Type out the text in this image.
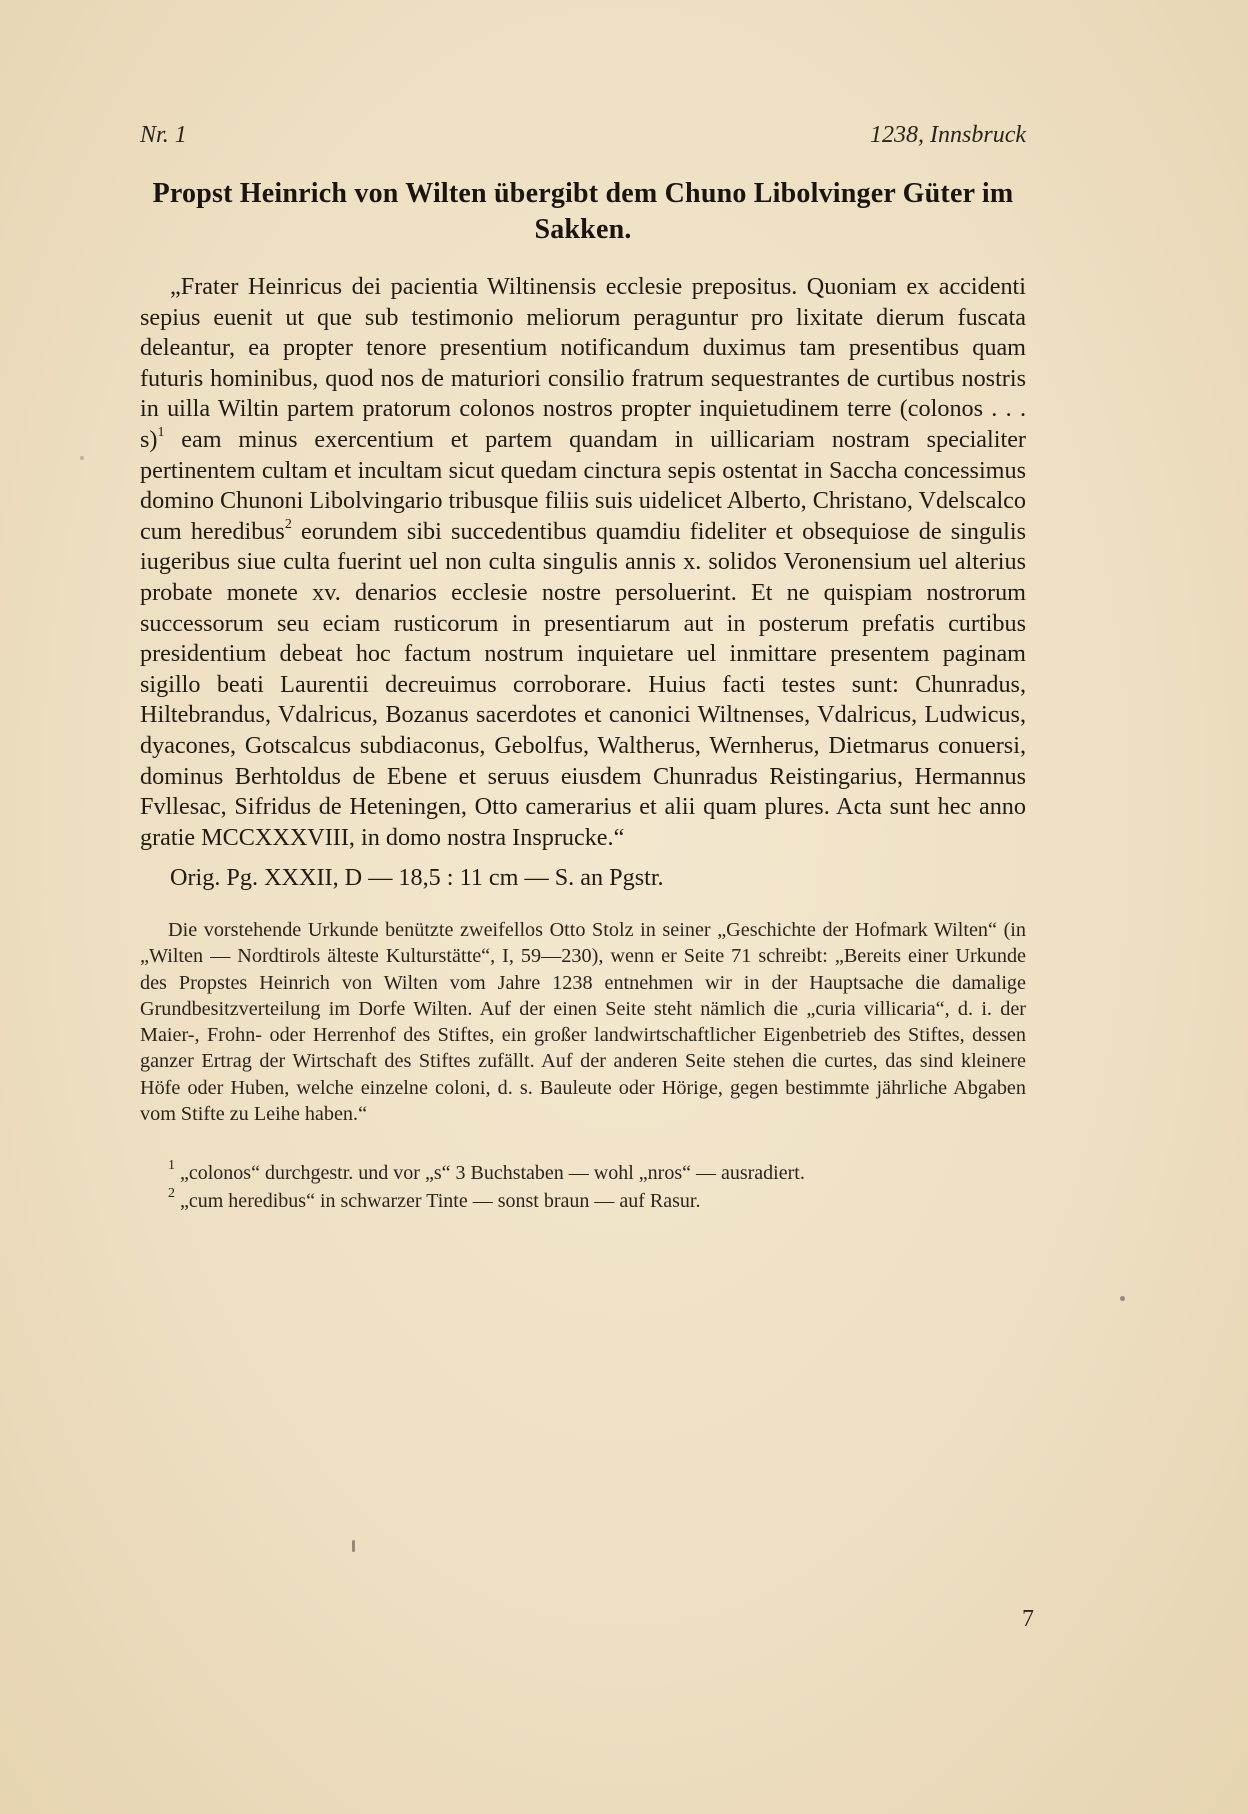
Nr. 1	1238, Innsbruck
Propst Heinrich von Wilten übergibt dem Chuno Libolvinger Güter im Sakken.

„Frater Heinricus dei pacientia Wiltinensis ecclesie prepositus. Quoniam ex accidenti sepius euenit ut que sub testimonio meliorum peraguntur pro lixitate dierum fuscata deleantur, ea propter tenore presentium notificandum duximus tam presentibus quam futuris hominibus, quod nos de maturiori consilio fratrum sequestrantes de curtibus nostris in uilla Wiltin partem pratorum colonos nostros propter inquietudinem terre (colonos . . . s)$^1$ eam minus exercentium et partem quandam in uillicariam nostram specialiter pertinentem cultam et incultam sicut quedam cinctura sepis ostentat in Saccha concessimus domino Chunoni Libolvingario tribusque filiis suis uidelicet Alberto, Christano, Vdelscalco cum heredibus$^2$ eorundem sibi succedentibus quamdiu fideliter et obsequiose de singulis iugeribus siue culta fuerint uel non culta singulis annis x. solidos Veronensium uel alterius probate monete xv. denarios ecclesie nostre persoluerint. Et ne quispiam nostrorum successorum seu eciam rusticorum in presentiarum aut in posterum prefatis curtibus presidentium debeat hoc factum nostrum inquietare uel inmittare presentem paginam sigillo beati Laurentii decreuimus corroborare. Huius facti testes sunt: Chunradus, Hiltebrandus, Vdalricus, Bozanus sacerdotes et canonici Wiltnenses, Vdalricus, Ludwicus, dyacones, Gotscalcus subdiaconus, Gebolfus, Waltherus, Wernherus, Dietmarus conuersi, dominus Berhtoldus de Ebene et seruus eiusdem Chunradus Reistingarius, Hermannus Fvllesac, Sifridus de Heteningen, Otto camerarius et alii quam plures. Acta sunt hec anno gratie MCCXXXVIII, in domo nostra Inspruckе.“

Orig. Pg. XXXII, D — 18,5 : 11 cm — S. an Pgstr.

Die vorstehende Urkunde benützte zweifellos Otto Stolz in seiner „Geschichte der Hofmark Wilten“ (in „Wilten — Nordtirols älteste Kulturstätte“, I, 59—230), wenn er Seite 71 schreibt: „Bereits einer Urkunde des Propstes Heinrich von Wilten vom Jahre 1238 entnehmen wir in der Hauptsache die damalige Grundbesitzverteilung im Dorfe Wilten. Auf der einen Seite steht nämlich die „curia villicaria“, d. i. der Maier-, Frohn- oder Herrenhof des Stiftes, ein großer landwirtschaftlicher Eigenbetrieb des Stiftes, dessen ganzer Ertrag der Wirtschaft des Stiftes zufällt. Auf der anderen Seite stehen die curtes, das sind kleinere Höfe oder Huben, welche einzelne coloni, d. s. Bauleute oder Hörige, gegen bestimmte jährliche Abgaben vom Stifte zu Leihe haben.“

$^1$ „colonos“ durchgestr. und vor „s“ 3 Buchstaben — wohl „nros“ — ausradiert.
$^2$ „cum heredibus“ in schwarzer Tinte — sonst braun — auf Rasur.
7
